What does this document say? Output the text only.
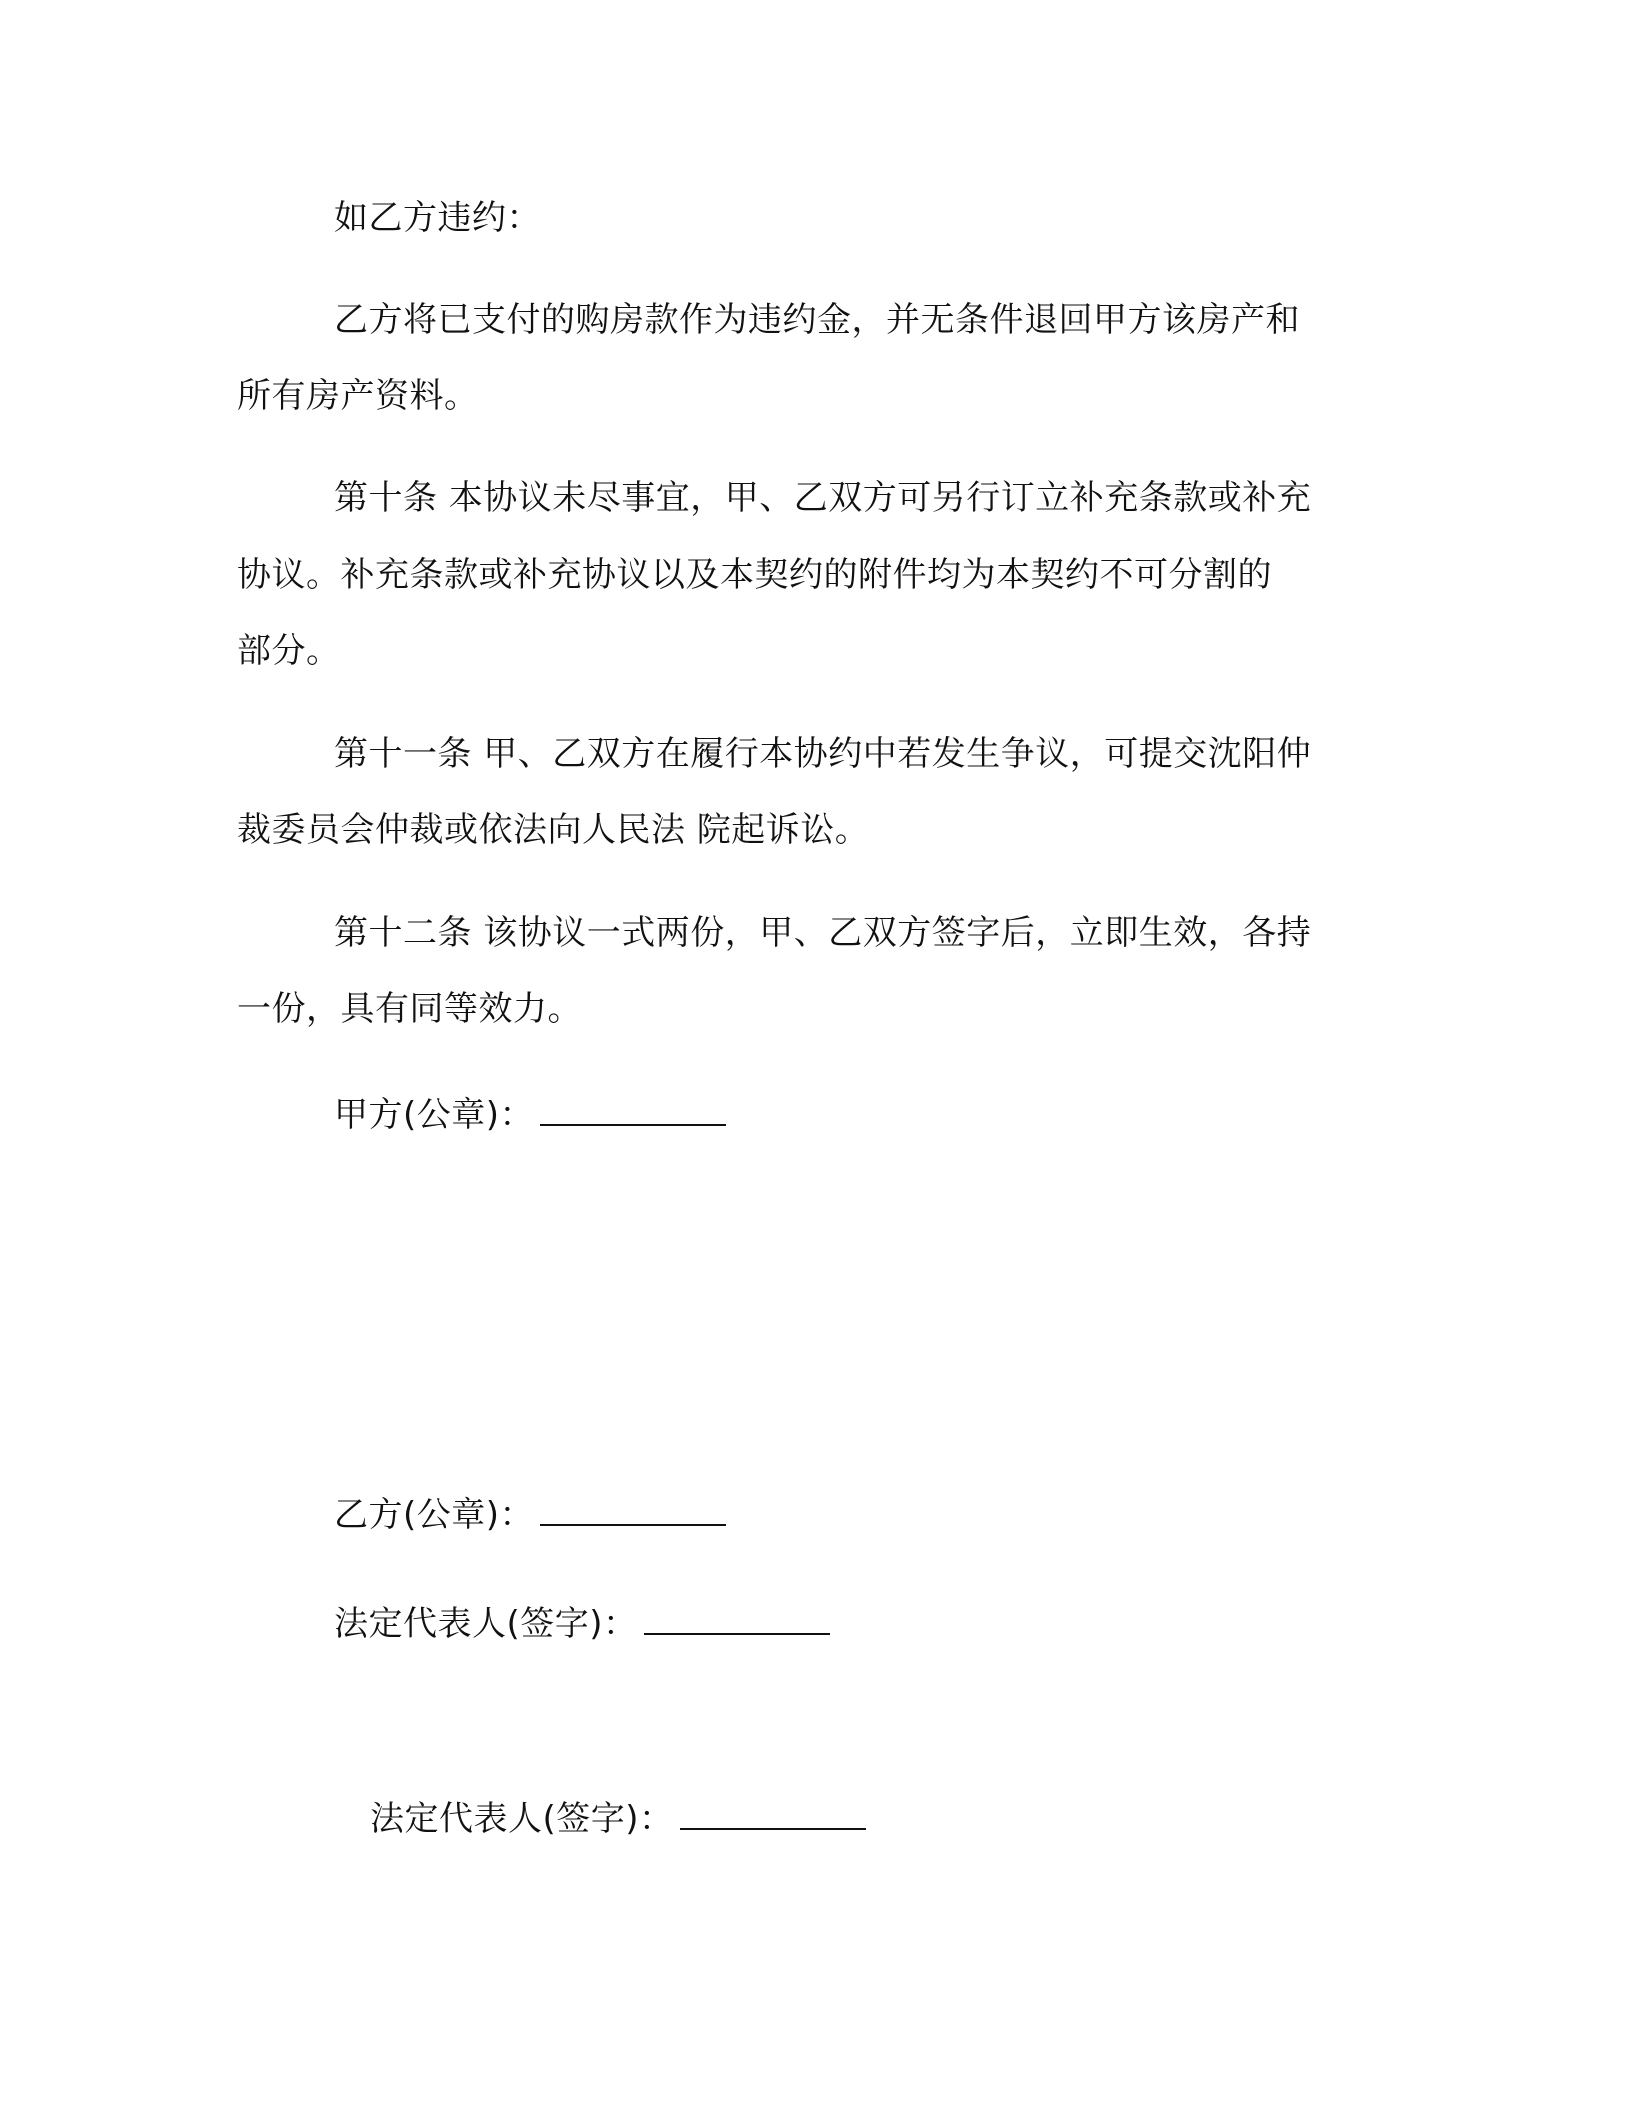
如乙方违约：
乙方将已支付的购房款作为违约金，并无条件退回甲方该房产和
所有房产资料。
第十条 本协议未尽事宜，甲、乙双方可另行订立补充条款或补充
协议。补充条款或补充协议以及本契约的附件均为本契约不可分割的
部分。
第十一条 甲、乙双方在履行本协约中若发生争议，可提交沈阳仲
裁委员会仲裁或依法向人民法 院起诉讼。
第十二条 该协议一式两份，甲、乙双方签字后，立即生效，各持
一份，具有同等效力。
甲方(公章)：
乙方(公章)：
法定代表人(签字)：
法定代表人(签字)：
